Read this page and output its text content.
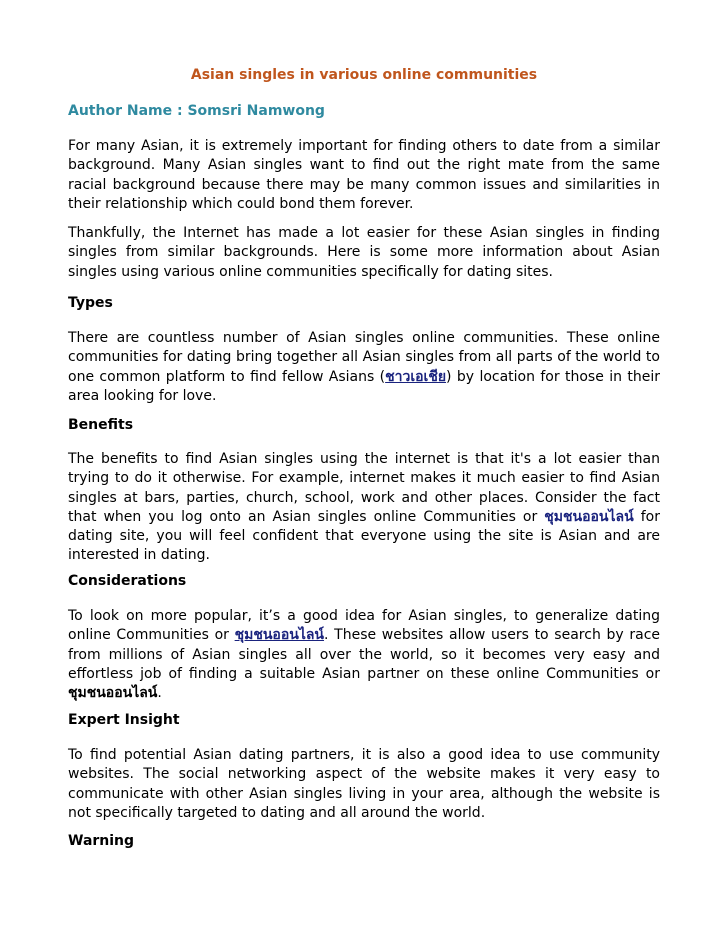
Asian singles in various online communities
Author Name : Somsri Namwong

For many Asian, it is extremely important for finding others to date from a similar background. Many Asian singles want to find out the right mate from the same racial background because there may be many common issues and similarities in their relationship which could bond them forever.

Thankfully, the Internet has made a lot easier for these Asian singles in finding singles from similar backgrounds. Here is some more information about Asian singles using various online communities specifically for dating sites.

Types

There are countless number of Asian singles online communities. These online communities for dating bring together all Asian singles from all parts of the world to one common platform to find fellow Asians (ชาวเอเชีย) by location for those in their area looking for love.

Benefits

The benefits to find Asian singles using the internet is that it's a lot easier than trying to do it otherwise. For example, internet makes it much easier to find Asian singles at bars, parties, church, school, work and other places. Consider the fact that when you log onto an Asian singles online Communities or ชุมชนออนไลน์ for dating site, you will feel confident that everyone using the site is Asian and are interested in dating.

Considerations

To look on more popular, it’s a good idea for Asian singles, to generalize dating online Communities or ชุมชนออนไลน์. These websites allow users to search by race from millions of Asian singles all over the world, so it becomes very easy and effortless job of finding a suitable Asian partner on these online Communities or ชุมชนออนไลน์.

Expert Insight

To find potential Asian dating partners, it is also a good idea to use community websites. The social networking aspect of the website makes it very easy to communicate with other Asian singles living in your area, although the website is not specifically targeted to dating and all around the world.

Warning
